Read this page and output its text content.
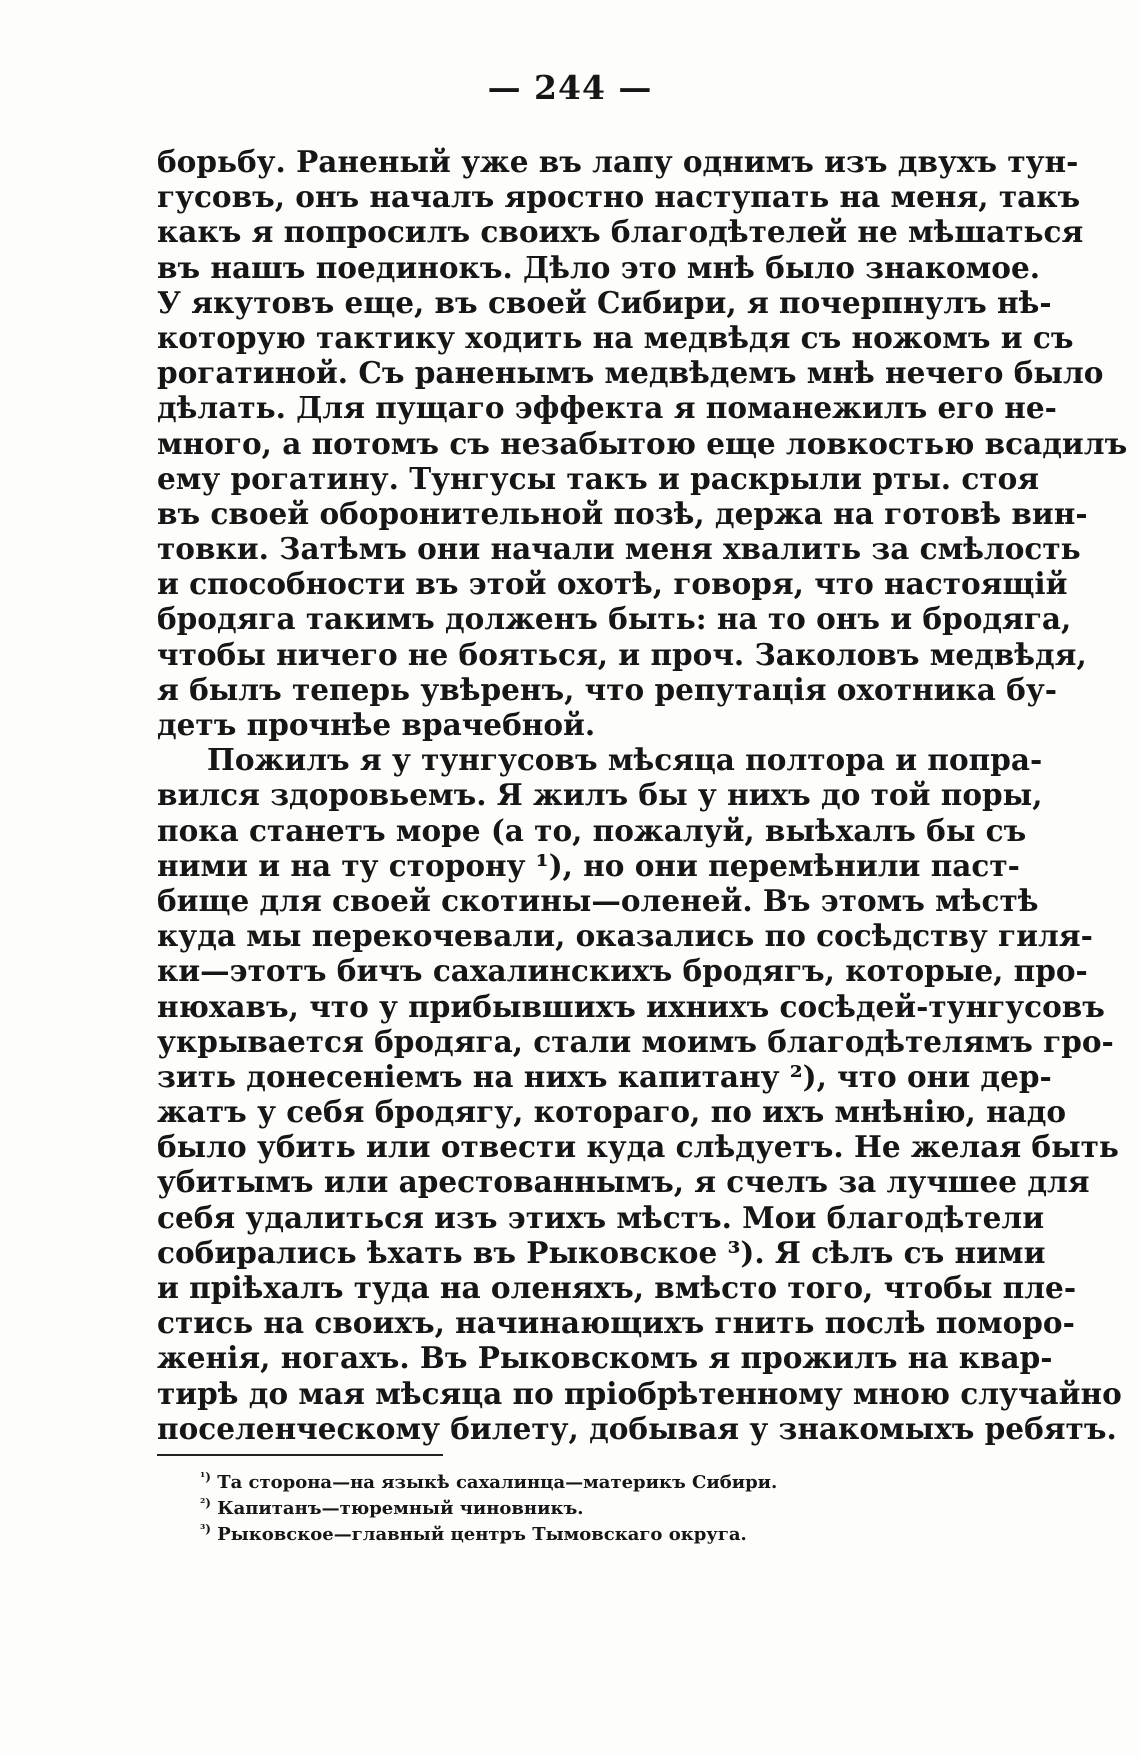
— 244 —
борьбу. Раненый уже въ лапу однимъ изъ двухъ тун-
гусовъ, онъ началъ яростно наступать на меня, такъ
какъ я попросилъ своихъ благодѣтелей не мѣшаться
въ нашъ поединокъ. Дѣло это мнѣ было знакомое.
У якутовъ еще, въ своей Сибири, я почерпнулъ нѣ-
которую тактику ходить на медвѣдя съ ножомъ и съ
рогатиной. Съ раненымъ медвѣдемъ мнѣ нечего было
дѣлать. Для пущаго эффекта я поманежилъ его не-
много, а потомъ съ незабытою еще ловкостью всадилъ
ему рогатину. Тунгусы такъ и раскрыли рты. стоя
въ своей оборонительной позѣ, держа на готовѣ вин-
товки. Затѣмъ они начали меня хвалить за смѣлость
и способности въ этой охотѣ, говоря, что настоящій
бродяга такимъ долженъ быть: на то онъ и бродяга,
чтобы ничего не бояться, и проч. Заколовъ медвѣдя,
я былъ теперь увѣренъ, что репутація охотника бу-
детъ прочнѣе врачебной.
Пожилъ я у тунгусовъ мѣсяца полтора и попра-
вился здоровьемъ. Я жилъ бы у нихъ до той поры,
пока станетъ море (а то, пожалуй, выѣхалъ бы съ
ними и на ту сторону ¹), но они перемѣнили паст-
бище для своей скотины—оленей. Въ этомъ мѣстѣ
куда мы перекочевали, оказались по сосѣдству гиля-
ки—этотъ бичъ сахалинскихъ бродягъ, которые, про-
нюхавъ, что у прибывшихъ ихнихъ сосѣдей-тунгусовъ
укрывается бродяга, стали моимъ благодѣтелямъ гро-
зить донесеніемъ на нихъ капитану ²), что они дер-
жатъ у себя бродягу, котораго, по ихъ мнѣнію, надо
было убить или отвести куда слѣдуетъ. Не желая быть
убитымъ или арестованнымъ, я счелъ за лучшее для
себя удалиться изъ этихъ мѣстъ. Мои благодѣтели
собирались ѣхать въ Рыковское ³). Я сѣлъ съ ними
и пріѣхалъ туда на оленяхъ, вмѣсто того, чтобы пле-
стись на своихъ, начинающихъ гнить послѣ поморо-
женія, ногахъ. Въ Рыковскомъ я прожилъ на квар-
тирѣ до мая мѣсяца по пріобрѣтенному мною случайно
поселенческому билету, добывая у знакомыхъ ребятъ.
$^{^1)}$ Та сторона—на языкѣ сахалинца—материкъ Сибири.
$^{^2)}$ Капитанъ—тюремный чиновникъ.
$^{^3)}$ Рыковское—главный центръ Тымовскаго округа.
